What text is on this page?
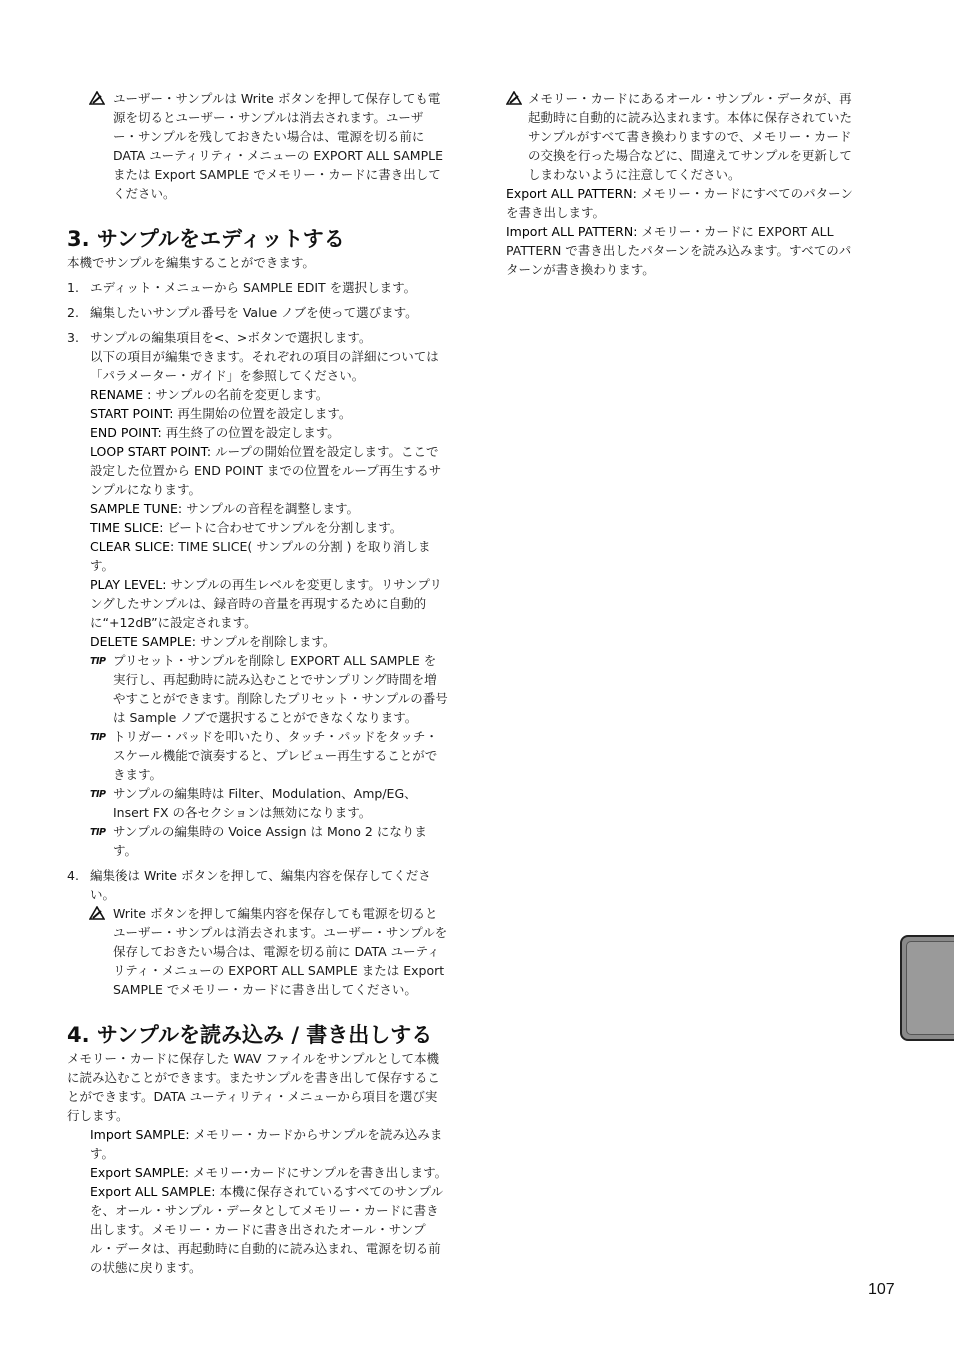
ユーザー・サンプルは Write ボタンを押して保存しても電源を切るとユーザー・サンプルは消去されます。ユーザー・サンプルを残しておきたい場合は、電源を切る前に DATA ユーティリティ・メニューの EXPORT ALL SAMPLE または Export SAMPLE でメモリー・カードに書き出してください。

3. サンプルをエディットする

本機でサンプルを編集することができます。

1. エディット・メニューから SAMPLE EDIT を選択します。

2. 編集したいサンプル番号を Value ノブを使って選びます。

3. サンプルの編集項目を<、>ボタンで選択します。

以下の項目が編集できます。それぞれの項目の詳細については「パラメーター・ガイド」を参照してください。

RENAME : サンプルの名前を変更します。

START POINT: 再生開始の位置を設定します。

END POINT: 再生終了の位置を設定します。

LOOP START POINT: ループの開始位置を設定します。ここで設定した位置から END POINT までの位置をループ再生するサンプルになります。

SAMPLE TUNE: サンプルの音程を調整します。

TIME SLICE: ビートに合わせてサンプルを分割します。

CLEAR SLICE: TIME SLICE( サンプルの分割 ) を取り消します。

PLAY LEVEL: サンプルの再生レベルを変更します。リサンプリングしたサンプルは、録音時の音量を再現するために自動的に“+12dB”に設定されます。

DELETE SAMPLE: サンプルを削除します。

TIP プリセット・サンプルを削除し EXPORT ALL SAMPLE を実行し、再起動時に読み込むことでサンプリング時間を増やすことができます。削除したプリセット・サンプルの番号は Sample ノブで選択することができなくなります。

TIP トリガー・パッドを叩いたり、タッチ・パッドをタッチ・スケール機能で演奏すると、プレビュー再生することができます。

TIP サンプルの編集時は Filter、Modulation、Amp/EG、Insert FX の各セクションは無効になります。

TIP サンプルの編集時の Voice Assign は Mono 2 になります。

4. 編集後は Write ボタンを押して、編集内容を保存してください。

Write ボタンを押して編集内容を保存しても電源を切るとユーザー・サンプルは消去されます。ユーザー・サンプルを保存しておきたい場合は、電源を切る前に DATA ユーティリティ・メニューの EXPORT ALL SAMPLE または Export SAMPLE でメモリー・カードに書き出してください。

4. サンプルを読み込み / 書き出しする

メモリー・カードに保存した WAV ファイルをサンプルとして本機に読み込むことができます。またサンプルを書き出して保存することができます。DATA ユーティリティ・メニューから項目を選び実行します。

Import SAMPLE: メモリー・カードからサンプルを読み込みます。

Export SAMPLE: メモリー･カードにサンプルを書き出します。

Export ALL SAMPLE: 本機に保存されているすべてのサンプルを、オール・サンプル・データとしてメモリー・カードに書き出します。メモリー・カードに書き出されたオール・サンプル・データは、再起動時に自動的に読み込まれ、電源を切る前の状態に戻ります。

メモリー・カードにあるオール・サンプル・データが、再起動時に自動的に読み込まれます。本体に保存されていたサンプルがすべて書き換わりますので、メモリー・カードの交換を行った場合などに、間違えてサンプルを更新してしまわないように注意してください。

Export ALL PATTERN: メモリー・カードにすべてのパターンを書き出します。

Import ALL PATTERN: メモリー・カードに EXPORT ALL PATTERN で書き出したパターンを読み込みます。すべてのパターンが書き換わります。

107
